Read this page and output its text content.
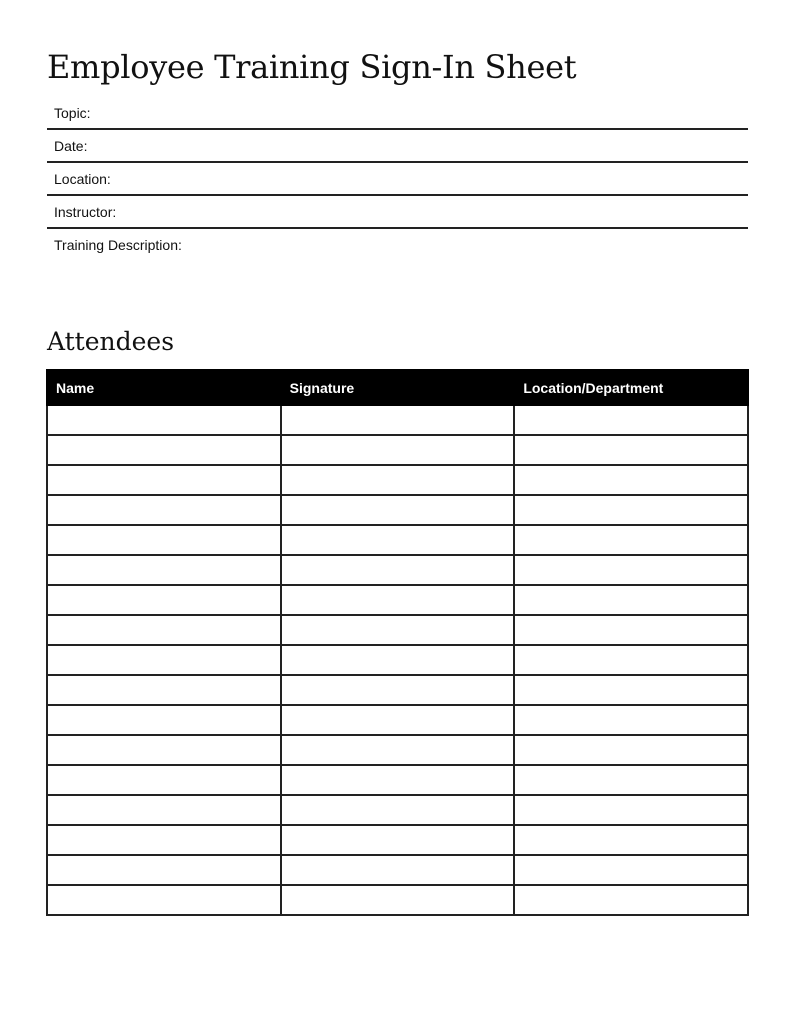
Employee Training Sign-In Sheet
Topic:
Date:
Location:
Instructor:
Training Description:
Attendees
Name	Signature	Location/Department
